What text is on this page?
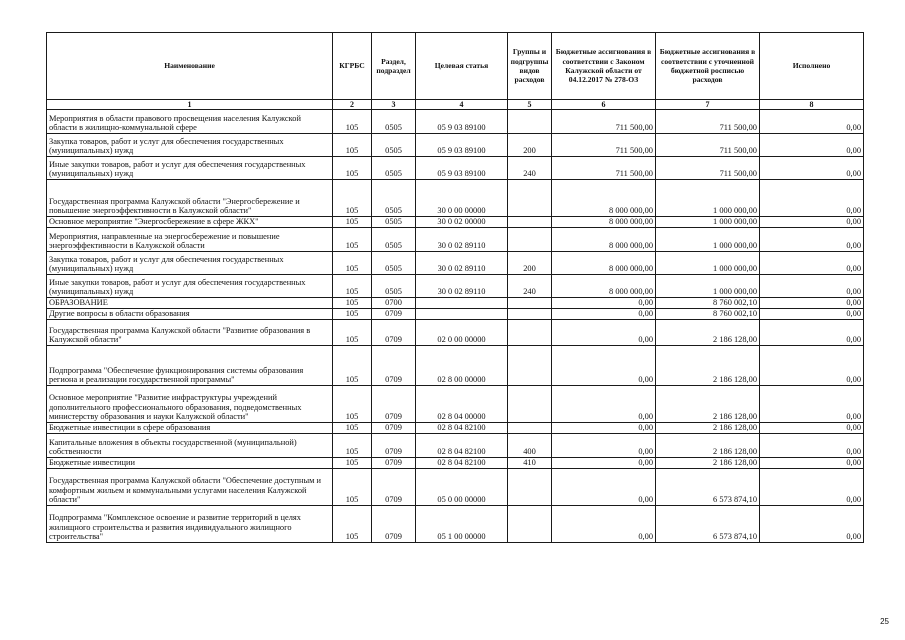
Наименование	КГРБС	Раздел, подраздел	Целевая статья	Группы и подгруппы видов расходов	Бюджетные ассигнования в соответствии с Законом Калужской области от 04.12.2017 № 278-ОЗ	Бюджетные ассигнования в соответствии с уточненной бюджетной росписью расходов	Исполнено
1	2	3	4	5	6	7	8
Мероприятия в области правового просвещения населения Калужской области в жилищно-коммунальной сфере	105	0505	05 9 03 89100		711 500,00	711 500,00	0,00
Закупка товаров, работ и услуг для обеспечения государственных (муниципальных) нужд	105	0505	05 9 03 89100	200	711 500,00	711 500,00	0,00
Иные закупки товаров, работ и услуг для обеспечения государственных (муниципальных) нужд	105	0505	05 9 03 89100	240	711 500,00	711 500,00	0,00
Государственная программа Калужской области "Энергосбережение и повышение энергоэффективности в Калужской области"	105	0505	30 0 00 00000		8 000 000,00	1 000 000,00	0,00
Основное мероприятие "Энергосбережение в сфере ЖКХ"	105	0505	30 0 02 00000		8 000 000,00	1 000 000,00	0,00
Мероприятия, направленные на энергосбережение и повышение энергоэффективности в Калужской области	105	0505	30 0 02 89110		8 000 000,00	1 000 000,00	0,00
Закупка товаров, работ и услуг для обеспечения государственных (муниципальных) нужд	105	0505	30 0 02 89110	200	8 000 000,00	1 000 000,00	0,00
Иные закупки товаров, работ и услуг для обеспечения государственных (муниципальных) нужд	105	0505	30 0 02 89110	240	8 000 000,00	1 000 000,00	0,00
ОБРАЗОВАНИЕ	105	0700			0,00	8 760 002,10	0,00
Другие вопросы в области образования	105	0709			0,00	8 760 002,10	0,00
Государственная программа Калужской области "Развитие образования в Калужской области"	105	0709	02 0 00 00000		0,00	2 186 128,00	0,00
Подпрограмма "Обеспечение функционирования системы образования региона и реализации государственной программы"	105	0709	02 8 00 00000		0,00	2 186 128,00	0,00
Основное мероприятие "Развитие инфраструктуры учреждений дополнительного профессионального образования, подведомственных министерству образования и науки Калужской области"	105	0709	02 8 04 00000		0,00	2 186 128,00	0,00
Бюджетные инвестиции в сфере образования	105	0709	02 8 04 82100		0,00	2 186 128,00	0,00
Капитальные вложения в объекты государственной (муниципальной) собственности	105	0709	02 8 04 82100	400	0,00	2 186 128,00	0,00
Бюджетные инвестиции	105	0709	02 8 04 82100	410	0,00	2 186 128,00	0,00
Государственная программа Калужской области "Обеспечение доступным и комфортным жильем и коммунальными услугами населения Калужской области"	105	0709	05 0 00 00000		0,00	6 573 874,10	0,00
Подпрограмма "Комплексное освоение и развитие территорий в целях жилищного строительства и развития индивидуального жилищного строительства"	105	0709	05 1 00 00000		0,00	6 573 874,10	0,00
25
